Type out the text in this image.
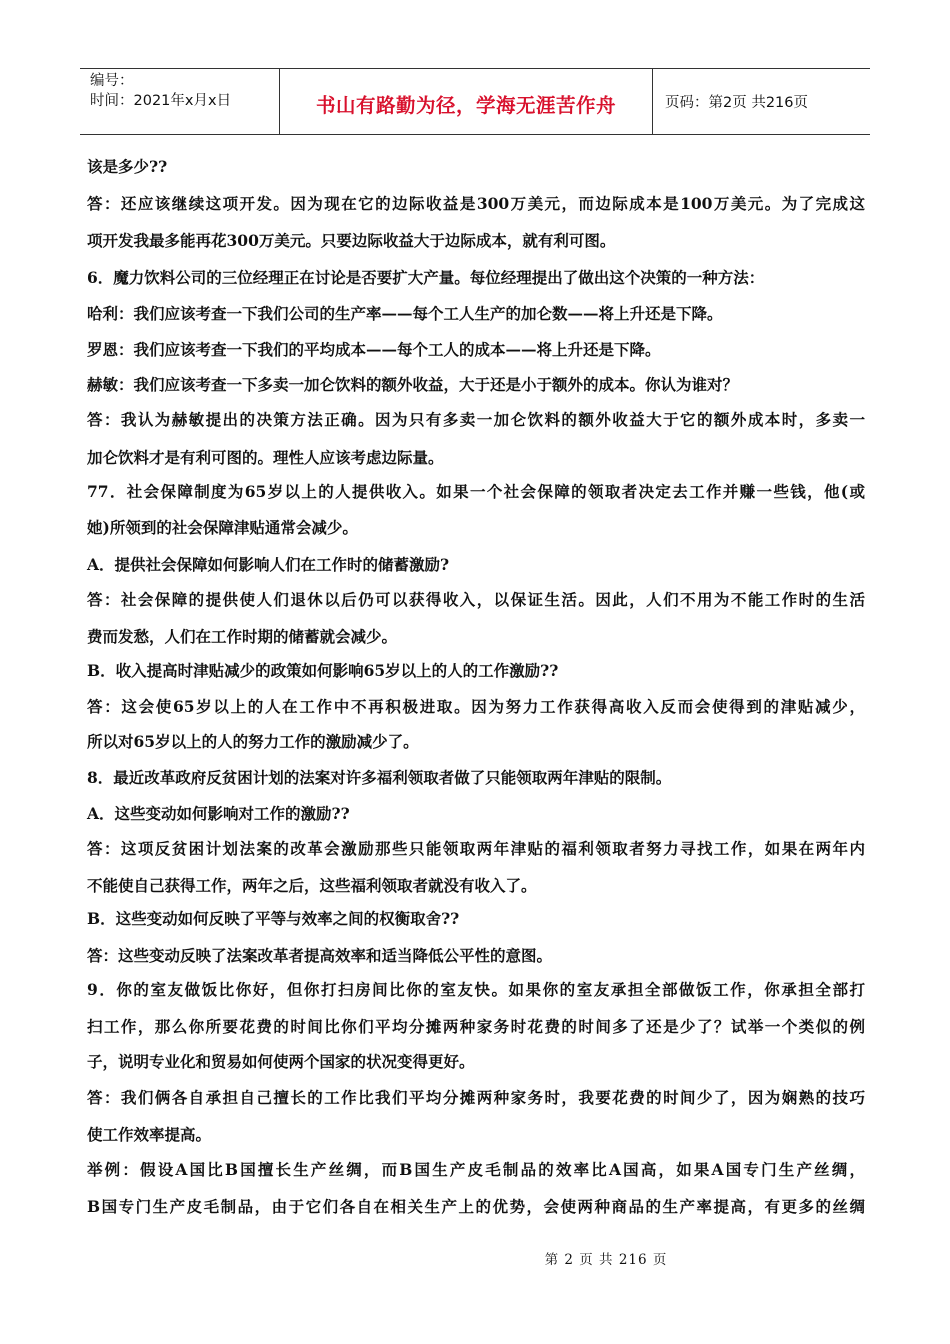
编号：
时间：2021年x月x日	书山有路勤为径，学海无涯苦作舟	页码：第2页 共216页
该是多少??
答：还应该继续这项开发。因为现在它的边际收益是300万美元，而边际成本是100万美元。为了完成这
项开发我最多能再花300万美元。只要边际收益大于边际成本，就有利可图。
6．魔力饮料公司的三位经理正在讨论是否要扩大产量。每位经理提出了做出这个决策的一种方法：
哈利：我们应该考查一下我们公司的生产率——每个工人生产的加仑数——将上升还是下降。
罗恩：我们应该考查一下我们的平均成本——每个工人的成本——将上升还是下降。
赫敏：我们应该考查一下多卖一加仑饮料的额外收益，大于还是小于额外的成本。你认为谁对？
答：我认为赫敏提出的决策方法正确。因为只有多卖一加仑饮料的额外收益大于它的额外成本时，多卖一
加仑饮料才是有利可图的。理性人应该考虑边际量。
77．社会保障制度为65岁以上的人提供收入。如果一个社会保障的领取者决定去工作并赚一些钱，他(或
她)所领到的社会保障津贴通常会减少。
A．提供社会保障如何影响人们在工作时的储蓄激励?
答：社会保障的提供使人们退休以后仍可以获得收入，以保证生活。因此，人们不用为不能工作时的生活
费而发愁，人们在工作时期的储蓄就会减少。
B．收入提高时津贴减少的政策如何影响65岁以上的人的工作激励??
答：这会使65岁以上的人在工作中不再积极进取。因为努力工作获得高收入反而会使得到的津贴减少，
所以对65岁以上的人的努力工作的激励减少了。
8．最近改革政府反贫困计划的法案对许多福利领取者做了只能领取两年津贴的限制。
A．这些变动如何影响对工作的激励??
答：这项反贫困计划法案的改革会激励那些只能领取两年津贴的福利领取者努力寻找工作，如果在两年内
不能使自己获得工作，两年之后，这些福利领取者就没有收入了。
B．这些变动如何反映了平等与效率之间的权衡取舍??
答：这些变动反映了法案改革者提高效率和适当降低公平性的意图。
9．你的室友做饭比你好，但你打扫房间比你的室友快。如果你的室友承担全部做饭工作，你承担全部打
扫工作，那么你所要花费的时间比你们平均分摊两种家务时花费的时间多了还是少了？试举一个类似的例
子，说明专业化和贸易如何使两个国家的状况变得更好。
答：我们俩各自承担自己擅长的工作比我们平均分摊两种家务时，我要花费的时间少了，因为娴熟的技巧
使工作效率提高。
举例：假设A国比B国擅长生产丝绸，而B国生产皮毛制品的效率比A国高，如果A国专门生产丝绸，
B国专门生产皮毛制品，由于它们各自在相关生产上的优势，会使两种商品的生产率提高，有更多的丝绸
第 2 页 共 216 页
